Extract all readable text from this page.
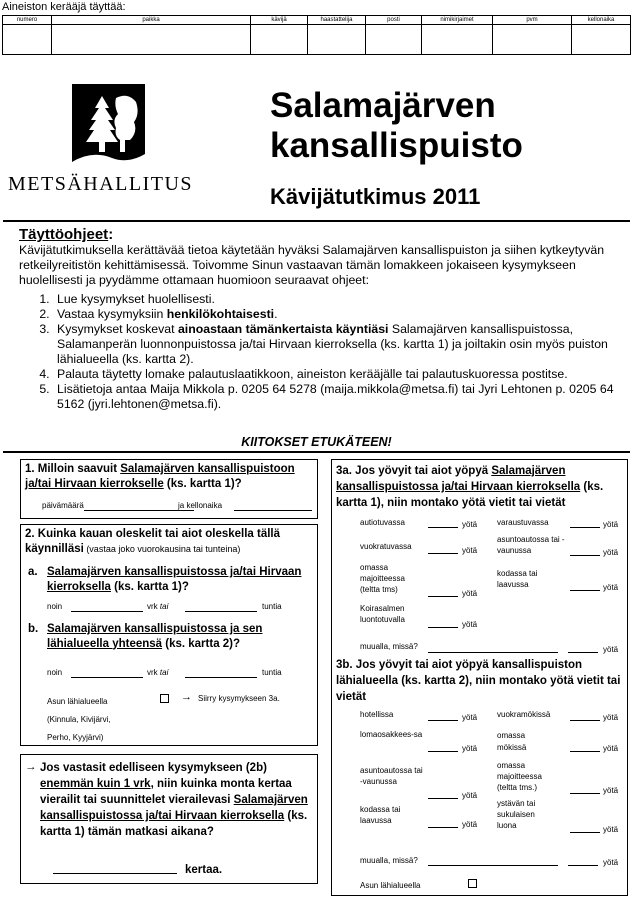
Aineiston kerääjä täyttää:
numero	paikka	kävijä	haastattelija	posti	nimikirjaimet	pvm	kellonaika

METSÄHALLITUS
Salamajärven
kansallispuisto
Kävijätutkimus 2011
Täyttöohjeet:
Kävijätutkimuksella kerättävää tietoa käytetään hyväksi Salamajärven kansallispuiston ja siihen kytkeytyvän retkeilyreitistön kehittämisessä. Toivomme Sinun vastaavan tämän lomakkeen jokaiseen kysymykseen huolellisesti ja pyydämme ottamaan huomioon seuraavat ohjeet:
1. Lue kysymykset huolellisesti.
2. Vastaa kysymyksiin henkilökohtaisesti.
3. Kysymykset koskevat ainoastaan tämänkertaista käyntiäsi Salamajärven kansallispuistossa, Salamanperän luonnonpuistossa ja/tai Hirvaan kierroksella (ks. kartta 1) ja joiltakin osin myös puiston lähialueella (ks. kartta 2).
4. Palauta täytetty lomake palautuslaatikkoon, aineiston kerääjälle tai palautuskuoressa postitse.
5. Lisätietoja antaa Maija Mikkola p. 0205 64 5278 (maija.mikkola@metsa.fi) tai Jyri Lehtonen p. 0205 64 5162 (jyri.lehtonen@metsa.fi).
KIITOKSET ETUKÄTEEN!
1. Milloin saavuit Salamajärven kansallispuistoon ja/tai Hirvaan kierrokselle (ks. kartta 1)?
päivämäärä	ja kellonaika
2. Kuinka kauan oleskelit tai aiot oleskella tällä käynnilläsi (vastaa joko vuorokausina tai tunteina)
a. Salamajärven kansallispuistossa ja/tai Hirvaan kierroksella (ks. kartta 1)?
noin	vrk tai	tuntia
b. Salamajärven kansallispuistossa ja sen lähialueella yhteensä (ks. kartta 2)?
noin	vrk tai	tuntia
Asun lähialueella
(Kinnula, Kivijärvi,
Perho, Kyyjärvi)
→ Siirry kysymykseen 3a.
→ Jos vastasit edelliseen kysymykseen (2b) enemmän kuin 1 vrk, niin kuinka monta kertaa vierailit tai suunnittelet vierailevasi Salamajärven kansallispuistossa ja/tai Hirvaan kierroksella (ks. kartta 1) tämän matkasi aikana?
kertaa.
3a. Jos yövyit tai aiot yöpyä Salamajärven kansallispuistossa ja/tai Hirvaan kierroksella (ks. kartta 1), niin montako yötä vietit tai vietät
autiotuvassa	yötä
vuokratuvassa	yötä
omassa majoitteessa (teltta tms)	yötä
Koirasalmen luontotuvalla
yötä
varaustuvassa	yötä
asuntoautossa tai -vaunussa	yötä
kodassa tai laavussa	yötä
muualla, missä?	yötä
3b. Jos yövyit tai aiot yöpyä kansallispuiston lähialueella (ks. kartta 2), niin montako yötä vietit tai vietät
hotellissa	yötä
lomaosakkees-sa
yötä
asuntoautossa tai -vaunussa
yötä
kodassa tai laavussa	yötä
vuokramökissä	yötä
omassa mökissä	yötä
omassa majoitteessa (teltta tms.)	yötä
ystävän tai sukulaisen luona	yötä
muualla, missä?	yötä
Asun lähialueella
